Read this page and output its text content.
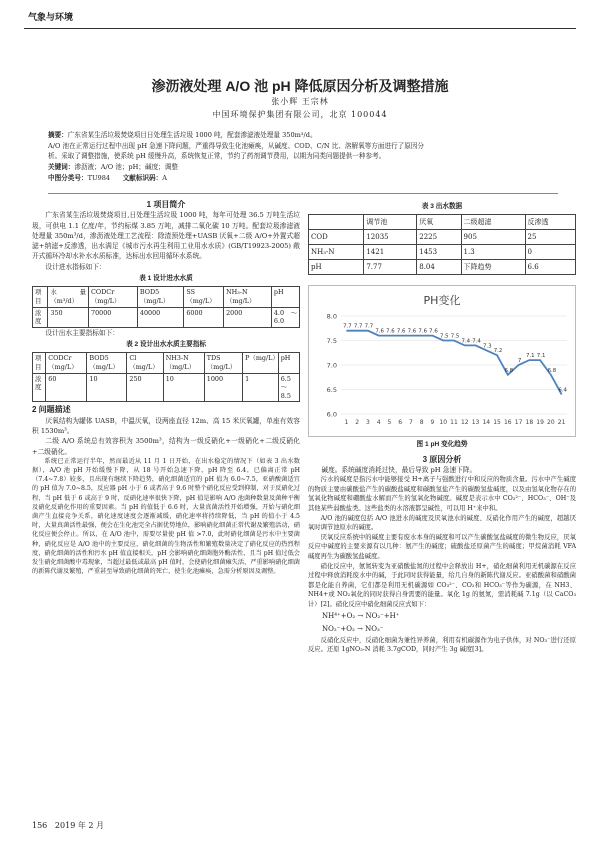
气象与环境
渗沥液处理 A/O 池 pH 降低原因分析及调整措施
张小辉 王宗林
中国环境保护集团有限公司，北京 100044
摘要：广东省某生活垃圾焚烧项目日处理生活垃圾 1000 吨，配套渗滤液处理量 350m³/d。
A/O 池在正常运行过程中出现 pH 急速下降问题，严重得导致生化池瘫痪，从碱度、COD、C/N 比、溶解氧等方面进行了原因分
析。采取了调整措施，使系统 pH 缓慢升高，系统恢复正常，节约了药剂调节费用，以期为同类问题提供一种参考。
关键词：渗沥液；A/O 池；pH；碱度；调整
中图分类号：TU984 文献标识码：A
1 项目简介

广东省某生活垃圾焚烧项目,日处理生活垃圾 1000 吨，每年可处理 36.5 万吨生活垃圾，可供电 1.1 亿度/年，节约标煤 3.85 万吨，减排二氧化碳 10 万吨。配套垃圾渗滤液处理量 350m³/d，渗沥液处理工艺流程：除渣预处理+UASB 厌氧+二级 A/O+外置式超滤+纳滤+反渗透，出水满足《城市污水再生利用工业用水水质》(GB/T19923-2005) 敞开式循环冷却水补水水质标准，达标出水回用循环水系统。

设计进水指标如下：

表 1 设计进水水质
项目	水量（m³/d）	CODCr（mg/L）	BOD5（mg/L）	SS（mg/L）	NH₃-N（mg/L）	pH
浓度	350	70000	40000	6000	2000	4.0 ～ 6.0

设计出水主要指标如下：

表 2 设计出水水质主要指标
项目	CODCr（mg/L）	BOD5（mg/L）	Cl（mg/L）	NH3-N（mg/L）	TDS（mg/L）	P（mg/L）	pH
浓度	60	10	250	10	1000	1	6.5 ～ 8.5
2 问题描述

厌氧结构为罐体 UASB，中温厌氧，设两座直径 12m、高 15 米厌氧罐，单座有效容积 1530m³。

二级 A/O 系统总有效容积为 3500m³，结构为一级反硝化+一级硝化+二级反硝化+二级硝化。

系统已正常运行半年，然而最近从 11 月 1 日开始，在出水稳定的情况下（如表 3 出水数据），A/O 池 pH 开始缓慢下降，从 18 号开始急速下降，pH 降至 6.4，已偏离正常 pH（7.4~7.8）较多，且出现有继续下降趋势，硝化细菌适宜的 pH 值为 6.0~7.5，亚硝酸菌适宜的 pH 值为 7.0~8.5，反应器 pH 小于 6 或者高于 9.6 时整个硝化反应受到抑制，对于反硝化过程，当 pH 低于 6 或高于 9 时，反硝化速率很快下降，pH 值是影响 A/O 池菌种数量及菌种平衡及硝化反硝化作用的重要因素。当 pH 的值低于 6.6 时，大量真菌活性开始增强，开始与硝化细菌产生直接竞争关系，硝化速度速度会逐渐减缓，硝化速率将持续降低，当 pH 的值小于 4.5 时，大量真菌活性最强，便会在生化池完全占据优势地位，影响硝化细菌正常代谢及繁殖活动，硝化反应便会停止。所以，在 A/O 池中，需要尽量使 pH 值 >7.0，此时硝化细菌是污水中主要菌种，硝化反应是 A/O 池中的主要反应，硝化细菌的生物活性和繁殖数量决定了硝化反应的热烈程度，硝化细菌的活性和污水 pH 值直接相关，pH 会影响硝化细菌胞外酶活性，且当 pH 值过低会发生硝化细菌酸中毒现象，当超过最低或最高 pH 值时，会使硝化细菌瘫失活，严重影响硝化细菌的新陈代谢及繁殖，严重甚至导致硝化细菌的死亡，使生化池瘫痪，急需分析原因及调整。

表 3 出水数据
	调节池	厌氧	二级超滤	反渗透
COD	12035	2225	905	25
NH₃-N	1421	1453	1.3	0
pH	7.77	8.04	下降趋势	6.6
PH变化
8.0
7.5
7.0
6.5
6.0
1 2 3 4 5 6 7 8 9 10 11 12 13 14 15 16 17 18 19 20 21
7.7 7.7 7.7
7.6 7.6 7.6 7.6 7.6 7.6
7.5 7.5
7.4 7.4
7.3
7.2
6.8
7
7.1 7.1
6.8
6.4
图 1 pH 变化趋势
3 原因分析

碱度。系统碱度消耗过快，最后导致 pH 急速下降。

污水的碱度是指污水中能够接受 H+离子与强酸进行中和反应的物质含量。污水中产生碱度的物质主要由碳酸盐产生的碳酸盐碱度和碳酸氢盐产生的碳酸氢盐碱度，以及由氢氧化物存在的氢氧化物碱度和硼酸盐水解而产生的氢氧化物碱度。碱度是表示水中 CO₃²⁻、HCO₃⁻、OH⁻及其他某些弱酸盐类。这些盐类的水溶液都呈碱性，可以用 H⁺来中和。

A/O 池的碱度包括 A/O 池进水的碱度及厌氧池水的碱度、反硝化作用产生的碱度，超越厌氧时调节池原水的碱度。

厌氧反应系统中的碱度主要有废水本身的碱度和可以产生碳酸氢盐碱度的微生物反应，厌氧反应中碱度的主要来源有以几种：氨产生的碱度；硫酸盐还原菌产生的碱度；甲烷菌消耗 VFA 碱度再生为碳酸氢盐碱度。

硝化反应中，氨氮转变为亚硝酸盐氮的过程中会释放出 H+，硝化细菌利用无机碳源在反应过程中释放消耗废水中的碱，于此同时获得能量，给几自身的新陈代谢反应。亚硝酸菌和硝酸菌都是化能自养菌，它们都是利用无机碳源如 CO₃²⁻、CO₂和 HCO₃⁻等作为碳源，在 NH3、NH4+或 NO₂氧化的同时获得自身需要的能量。氧化 1g 的氨氮，需消耗碱 7.1g（以 CaCO₃计）[2]。硝化反应中硝化细菌反应式如下：

NH⁴⁺+O₂ → NO₂⁻+H⁺
NO₂⁻+O₂ → NO₃⁻

反硝化反应中，反硝化细菌为兼性异养菌，利用有机碳源作为电子供体，对 NO₃⁻进行还原反应。还原 1gNO₃-N 消耗 3.7gCOD，同时产生 3g 碱度[3]。

156 2019 年 2 月
